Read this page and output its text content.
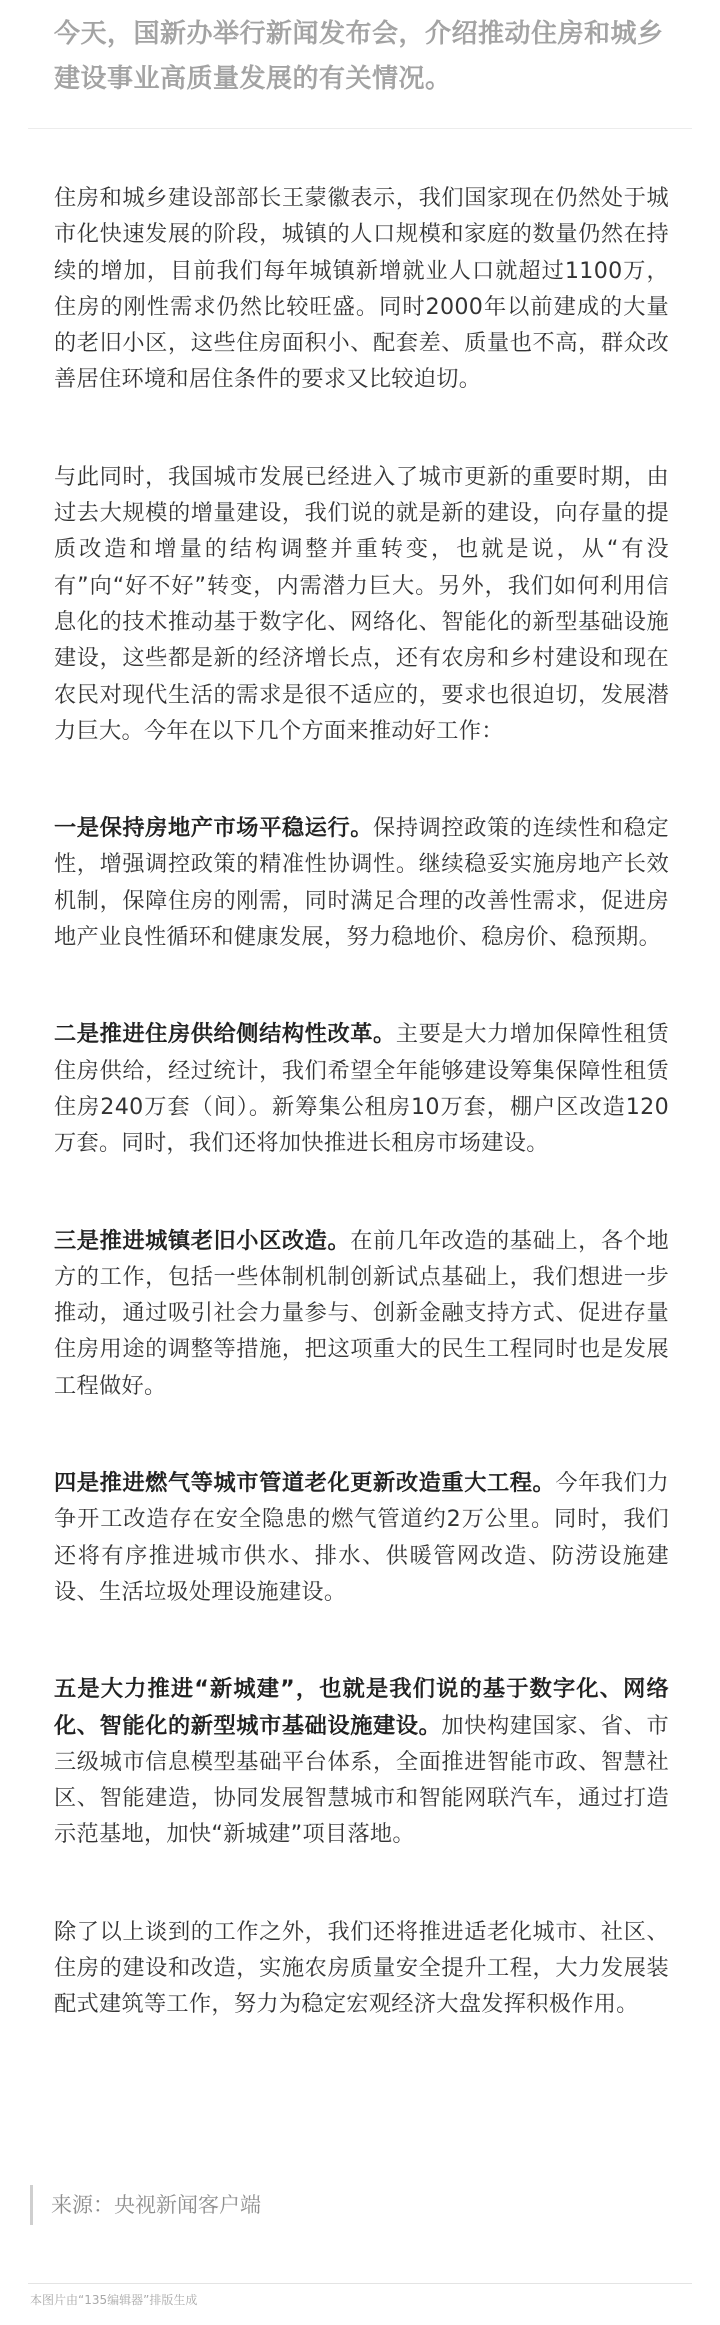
今天，国新办举行新闻发布会，介绍推动住房和城乡建设事业高质量发展的有关情况。

住房和城乡建设部部长王蒙徽表示，我们国家现在仍然处于城市化快速发展的阶段，城镇的人口规模和家庭的数量仍然在持续的增加，目前我们每年城镇新增就业人口就超过1100万，住房的刚性需求仍然比较旺盛。同时2000年以前建成的大量的老旧小区，这些住房面积小、配套差、质量也不高，群众改善居住环境和居住条件的要求又比较迫切。

与此同时，我国城市发展已经进入了城市更新的重要时期，由过去大规模的增量建设，我们说的就是新的建设，向存量的提质改造和增量的结构调整并重转变，也就是说，从“有没有”向“好不好”转变，内需潜力巨大。另外，我们如何利用信息化的技术推动基于数字化、网络化、智能化的新型基础设施建设，这些都是新的经济增长点，还有农房和乡村建设和现在农民对现代生活的需求是很不适应的，要求也很迫切，发展潜力巨大。今年在以下几个方面来推动好工作：

一是保持房地产市场平稳运行。保持调控政策的连续性和稳定性，增强调控政策的精准性协调性。继续稳妥实施房地产长效机制，保障住房的刚需，同时满足合理的改善性需求，促进房地产业良性循环和健康发展，努力稳地价、稳房价、稳预期。

二是推进住房供给侧结构性改革。主要是大力增加保障性租赁住房供给，经过统计，我们希望全年能够建设筹集保障性租赁住房240万套（间）。新筹集公租房10万套，棚户区改造120万套。同时，我们还将加快推进长租房市场建设。

三是推进城镇老旧小区改造。在前几年改造的基础上，各个地方的工作，包括一些体制机制创新试点基础上，我们想进一步推动，通过吸引社会力量参与、创新金融支持方式、促进存量住房用途的调整等措施，把这项重大的民生工程同时也是发展工程做好。

四是推进燃气等城市管道老化更新改造重大工程。今年我们力争开工改造存在安全隐患的燃气管道约2万公里。同时，我们还将有序推进城市供水、排水、供暖管网改造、防涝设施建设、生活垃圾处理设施建设。

五是大力推进“新城建”，也就是我们说的基于数字化、网络化、智能化的新型城市基础设施建设。加快构建国家、省、市三级城市信息模型基础平台体系，全面推进智能市政、智慧社区、智能建造，协同发展智慧城市和智能网联汽车，通过打造示范基地，加快“新城建”项目落地。

除了以上谈到的工作之外，我们还将推进适老化城市、社区、住房的建设和改造，实施农房质量安全提升工程，大力发展装配式建筑等工作，努力为稳定宏观经济大盘发挥积极作用。

来源：央视新闻客户端
本图片由“135编辑器”排版生成
